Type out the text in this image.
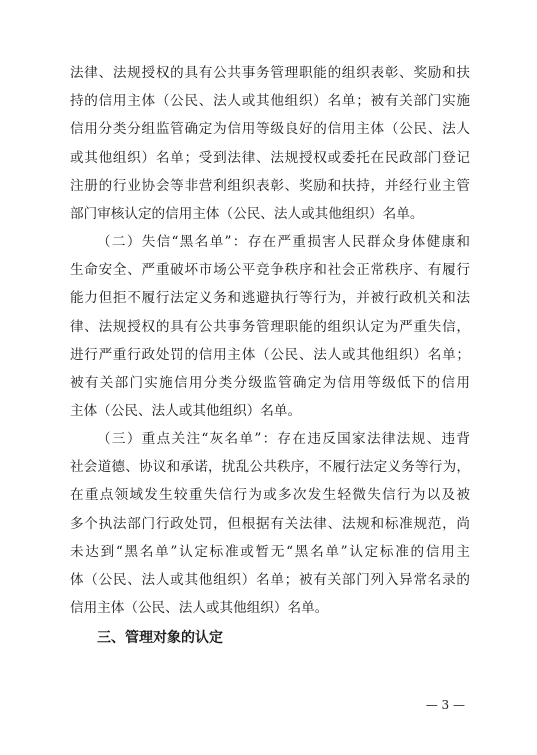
法律、法规授权的具有公共事务管理职能的组织表彰、奖励和扶
持的信用主体（公民、法人或其他组织）名单；被有关部门实施
信用分类分组监管确定为信用等级良好的信用主体（公民、法人
或其他组织）名单；受到法律、法规授权或委托在民政部门登记
注册的行业协会等非营利组织表彰、奖励和扶持，并经行业主管
部门审核认定的信用主体（公民、法人或其他组织）名单。
（二）失信“黑名单”：存在严重损害人民群众身体健康和
生命安全、严重破坏市场公平竞争秩序和社会正常秩序、有履行
能力但拒不履行法定义务和逃避执行等行为，并被行政机关和法
律、法规授权的具有公共事务管理职能的组织认定为严重失信，
进行严重行政处罚的信用主体（公民、法人或其他组织）名单；
被有关部门实施信用分类分级监管确定为信用等级低下的信用
主体（公民、法人或其他组织）名单。
（三）重点关注“灰名单”：存在违反国家法律法规、违背
社会道德、协议和承诺，扰乱公共秩序，不履行法定义务等行为，
在重点领域发生较重失信行为或多次发生轻微失信行为以及被
多个执法部门行政处罚，但根据有关法律、法规和标准规范，尚
未达到“黑名单”认定标准或暂无“黑名单”认定标准的信用主
体（公民、法人或其他组织）名单；被有关部门列入异常名录的
信用主体（公民、法人或其他组织）名单。
三、管理对象的认定
— 3 —
